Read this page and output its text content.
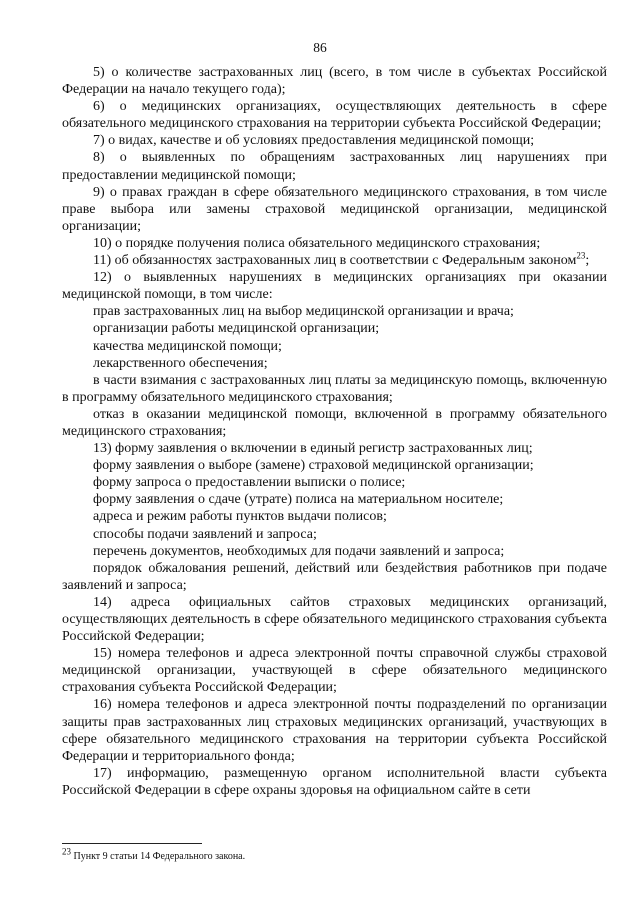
86

5) о количестве застрахованных лиц (всего, в том числе в субъектах Российской Федерации на начало текущего года);

6) о медицинских организациях, осуществляющих деятельность в сфере обязательного медицинского страхования на территории субъекта Российской Федерации;

7) о видах, качестве и об условиях предоставления медицинской помощи;

8) о выявленных по обращениям застрахованных лиц нарушениях при предоставлении медицинской помощи;

9) о правах граждан в сфере обязательного медицинского страхования, в том числе праве выбора или замены страховой медицинской организации, медицинской организации;

10) о порядке получения полиса обязательного медицинского страхования;

11) об обязанностях застрахованных лиц в соответствии с Федеральным законом$^{23}$;

12) о выявленных нарушениях в медицинских организациях при оказании медицинской помощи, в том числе:

прав застрахованных лиц на выбор медицинской организации и врача;

организации работы медицинской организации;

качества медицинской помощи;

лекарственного обеспечения;

в части взимания с застрахованных лиц платы за медицинскую помощь, включенную в программу обязательного медицинского страхования;

отказ в оказании медицинской помощи, включенной в программу обязательного медицинского страхования;

13) форму заявления о включении в единый регистр застрахованных лиц;

форму заявления о выборе (замене) страховой медицинской организации;

форму запроса о предоставлении выписки о полисе;

форму заявления о сдаче (утрате) полиса на материальном носителе;

адреса и режим работы пунктов выдачи полисов;

способы подачи заявлений и запроса;

перечень документов, необходимых для подачи заявлений и запроса;

порядок обжалования решений, действий или бездействия работников при подаче заявлений и запроса;

14) адреса официальных сайтов страховых медицинских организаций, осуществляющих деятельность в сфере обязательного медицинского страхования субъекта Российской Федерации;

15) номера телефонов и адреса электронной почты справочной службы страховой медицинской организации, участвующей в сфере обязательного медицинского страхования субъекта Российской Федерации;

16) номера телефонов и адреса электронной почты подразделений по организации защиты прав застрахованных лиц страховых медицинских организаций, участвующих в сфере обязательного медицинского страхования на территории субъекта Российской Федерации и территориального фонда;

17) информацию, размещенную органом исполнительной власти субъекта Российской Федерации в сфере охраны здоровья на официальном сайте в сети

$^{23}$ Пункт 9 статьи 14 Федерального закона.
